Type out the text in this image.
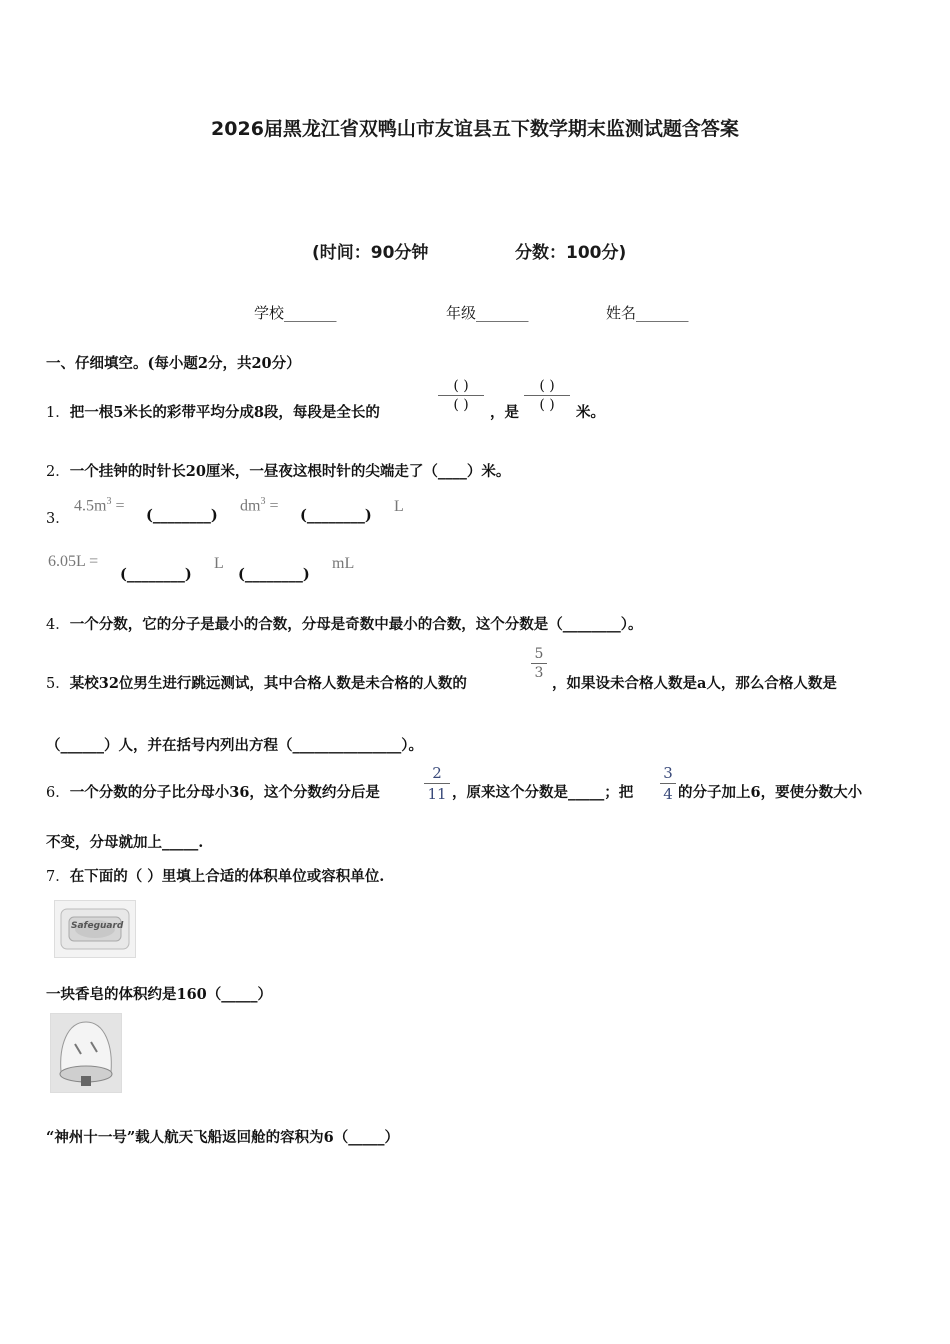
2026届黑龙江省双鸭山市友谊县五下数学期末监测试题含答案
(时间：90分钟	分数：100分)
学校_______	年级_______	姓名_______
一、仔细填空。(每小题2分，共20分）
1．把一根5米长的彩带平均分成8段，每段是全长的
( )
( )	，是
( )
( )	米。
2．一个挂钟的时针长20厘米，一昼夜这根时针的尖端走了（____）米。
3．
$4.5m^3$ =
(________)
$dm^3$ =
(________)
L
6.05L =
(________)
L
(________)
mL
4．一个分数，它的分子是最小的合数，分母是奇数中最小的合数，这个分数是（________）。
5．某校32位男生进行跳远测试，其中合格人数是未合格的人数的
5
3
，如果设未合格人数是a人，那么合格人数是
（______）人，并在括号内列出方程（_______________）。
6．一个分数的分子比分母小36，这个分数约分后是
2
11 ，原来这个分数是_____；把
3
4 的分子加上6，要使分数大小
不变，分母就加上_____.
7．在下面的（ ）里填上合适的体积单位或容积单位.
Safeguard
一块香皂的体积约是160（_____）
“神州十一号”载人航天飞船返回舱的容积为6（_____）
